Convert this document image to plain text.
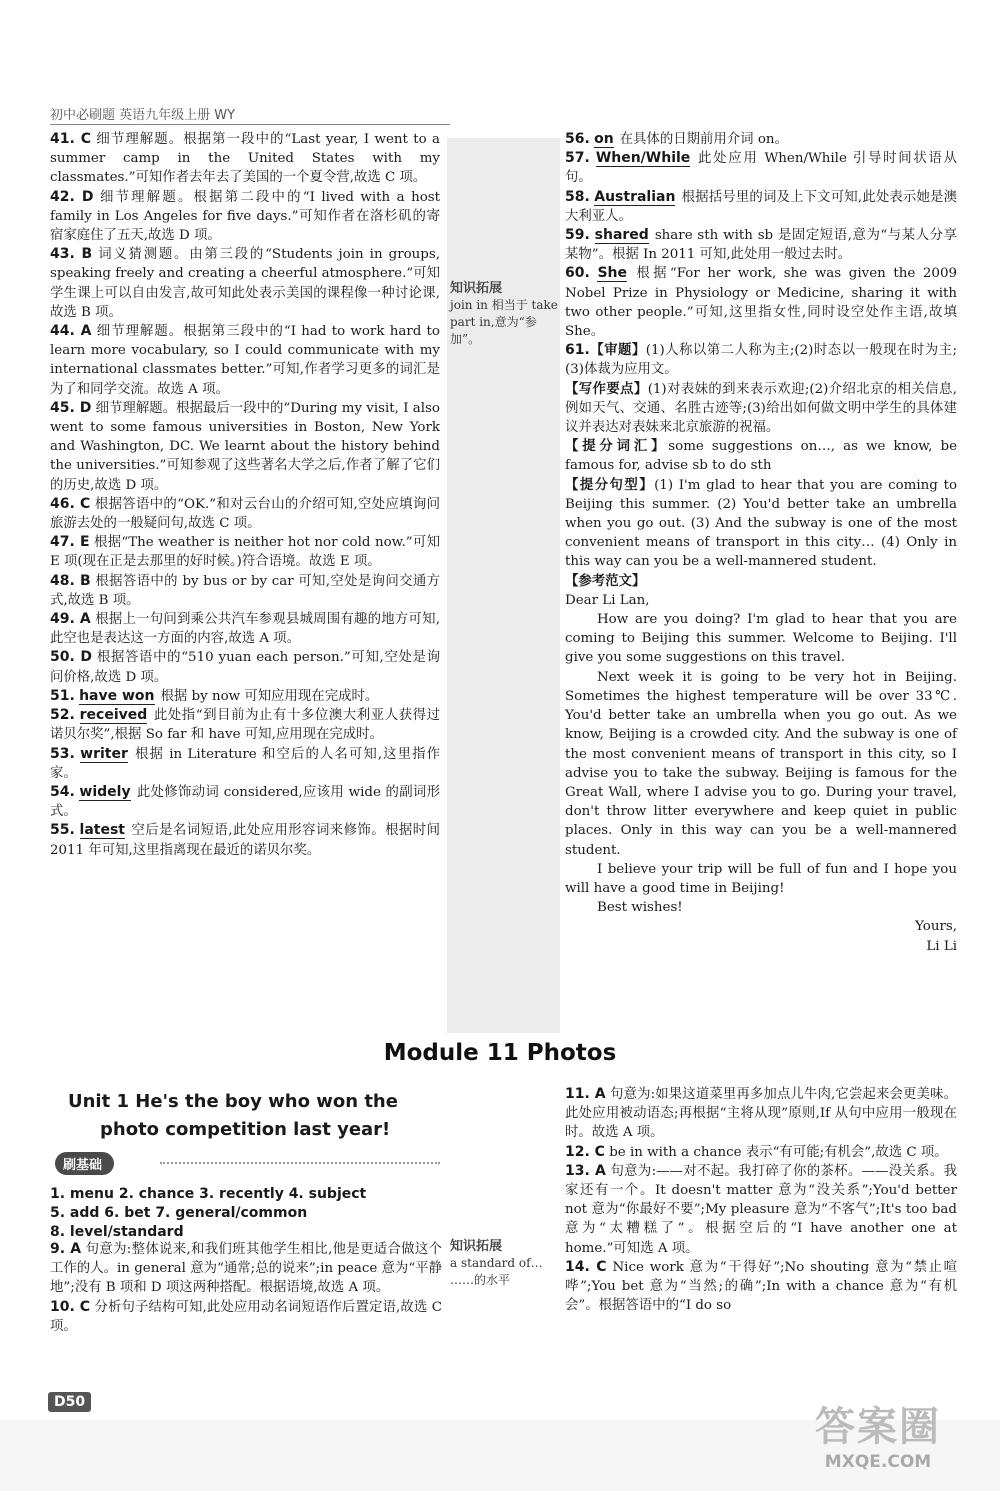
初中必刷题 英语九年级上册 WY
知识拓展
join in 相当于 take part in,意为“参加”。
知识拓展
a standard of… ……的水平
41. C 细节理解题。根据第一段中的“Last year, I went to a summer camp in the United States with my classmates.”可知作者去年去了美国的一个夏令营,故选 C 项。
42. D 细节理解题。根据第二段中的“I lived with a host family in Los Angeles for five days.”可知作者在洛杉矶的寄宿家庭住了五天,故选 D 项。
43. B 词义猜测题。由第三段的“Students join in groups, speaking freely and creating a cheerful atmosphere.”可知学生课上可以自由发言,故可知此处表示美国的课程像一种讨论课,故选 B 项。
44. A 细节理解题。根据第三段中的“I had to work hard to learn more vocabulary, so I could communicate with my international classmates better.”可知,作者学习更多的词汇是为了和同学交流。故选 A 项。
45. D 细节理解题。根据最后一段中的“During my visit, I also went to some famous universities in Boston, New York and Washington, DC. We learnt about the history behind the universities.”可知参观了这些著名大学之后,作者了解了它们的历史,故选 D 项。
46. C 根据答语中的“OK.”和对云台山的介绍可知,空处应填询问旅游去处的一般疑问句,故选 C 项。
47. E 根据“The weather is neither hot nor cold now.”可知 E 项(现在正是去那里的好时候。)符合语境。故选 E 项。
48. B 根据答语中的 by bus or by car 可知,空处是询问交通方式,故选 B 项。
49. A 根据上一句问到乘公共汽车参观县城周围有趣的地方可知,此空也是表达这一方面的内容,故选 A 项。
50. D 根据答语中的“510 yuan each person.”可知,空处是询问价格,故选 D 项。
51. have won 根据 by now 可知应用现在完成时。
52. received 此处指“到目前为止有十多位澳大利亚人获得过诺贝尔奖”,根据 So far 和 have 可知,应用现在完成时。
53. writer 根据 in Literature 和空后的人名可知,这里指作家。
54. widely 此处修饰动词 considered,应该用 wide 的副词形式。
55. latest 空后是名词短语,此处应用形容词来修饰。根据时间 2011 年可知,这里指离现在最近的诺贝尔奖。
56. on 在具体的日期前用介词 on。
57. When/While 此处应用 When/While 引导时间状语从句。
58. Australian 根据括号里的词及上下文可知,此处表示她是澳大利亚人。
59. shared share sth with sb 是固定短语,意为“与某人分享某物”。根据 In 2011 可知,此处用一般过去时。
60. She 根据“For her work, she was given the 2009 Nobel Prize in Physiology or Medicine, sharing it with two other people.”可知,这里指女性,同时设空处作主语,故填 She。
61.【审题】(1)人称以第二人称为主;(2)时态以一般现在时为主;(3)体裁为应用文。
【写作要点】(1)对表妹的到来表示欢迎;(2)介绍北京的相关信息,例如天气、交通、名胜古迹等;(3)给出如何做文明中学生的具体建议并表达对表妹来北京旅游的祝福。
【提分词汇】some suggestions on…, as we know, be famous for, advise sb to do sth
【提分句型】(1) I'm glad to hear that you are coming to Beijing this summer. (2) You'd better take an umbrella when you go out. (3) And the subway is one of the most convenient means of transport in this city… (4) Only in this way can you be a well-mannered student.
【参考范文】
Dear Li Lan,
How are you doing? I'm glad to hear that you are coming to Beijing this summer. Welcome to Beijing. I'll give you some suggestions on this travel.
Next week it is going to be very hot in Beijing. Sometimes the highest temperature will be over 33℃. You'd better take an umbrella when you go out. As we know, Beijing is a crowded city. And the subway is one of the most convenient means of transport in this city, so I advise you to take the subway. Beijing is famous for the Great Wall, where I advise you to go. During your travel, don't throw litter everywhere and keep quiet in public places. Only in this way can you be a well-mannered student.
I believe your trip will be full of fun and I hope you will have a good time in Beijing!
Best wishes!
Yours,
Li Li
Module 11 Photos
Unit 1 He's the boy who won the
photo competition last year!
刷基础
1. menu 2. chance 3. recently 4. subject
5. add 6. bet 7. general/common
8. level/standard
9. A 句意为:整体说来,和我们班其他学生相比,他是更适合做这个工作的人。in general 意为“通常;总的说来”;in peace 意为“平静地”;没有 B 项和 D 项这两种搭配。根据语境,故选 A 项。
10. C 分析句子结构可知,此处应用动名词短语作后置定语,故选 C 项。
11. A 句意为:如果这道菜里再多加点儿牛肉,它尝起来会更美味。此处应用被动语态;再根据“主将从现”原则,If 从句中应用一般现在时。故选 A 项。
12. C be in with a chance 表示“有可能;有机会”,故选 C 项。
13. A 句意为:——对不起。我打碎了你的茶杯。——没关系。我家还有一个。It doesn't matter 意为“没关系”;You'd better not 意为“你最好不要”;My pleasure 意为“不客气”;It's too bad 意为“太糟糕了”。根据空后的“I have another one at home.”可知选 A 项。
14. C Nice work 意为“干得好”;No shouting 意为“禁止喧哗”;You bet 意为“当然;的确”;In with a chance 意为“有机会”。根据答语中的“I do so
D50
答案圈
MXQE.COM
